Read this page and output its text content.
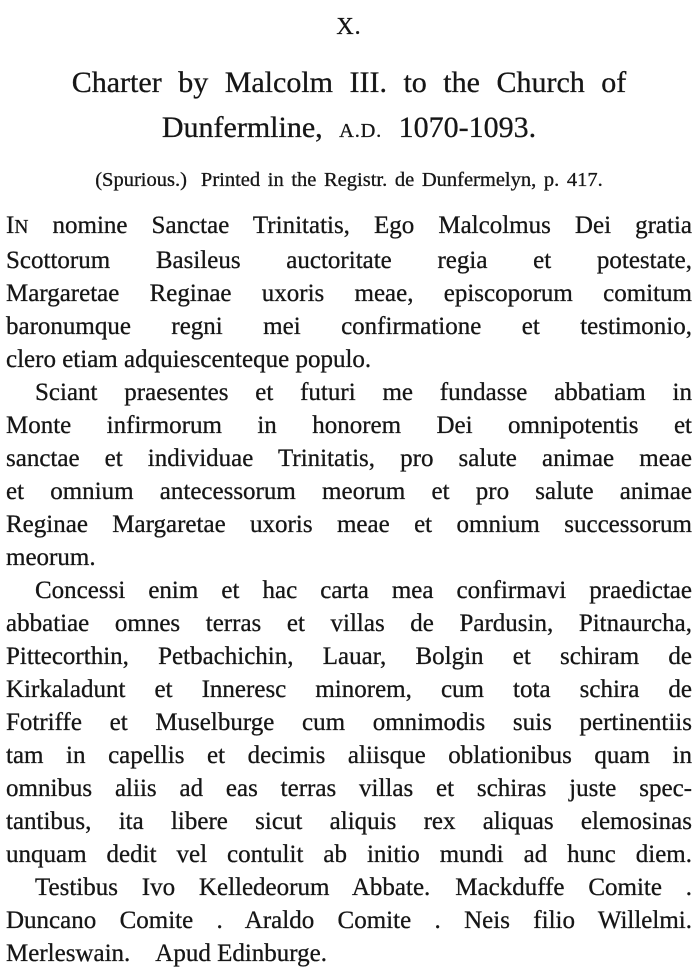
X.
Charter by Malcolm III. to the Church of
Dunfermline, A.D. 1070-1093.
(Spurious.) Printed in the Registr. de Dunfermelyn, p. 417.
IN nomine Sanctae Trinitatis, Ego Malcolmus Dei gratia
Scottorum Basileus auctoritate regia et potestate,
Margaretae Reginae uxoris meae, episcoporum comitum
baronumque regni mei confirmatione et testimonio,
clero etiam adquiescenteque populo.
Sciant praesentes et futuri me fundasse abbatiam in
Monte infirmorum in honorem Dei omnipotentis et
sanctae et individuae Trinitatis, pro salute animae meae
et omnium antecessorum meorum et pro salute animae
Reginae Margaretae uxoris meae et omnium successorum
meorum.
Concessi enim et hac carta mea confirmavi praedictae
abbatiae omnes terras et villas de Pardusin, Pitnaurcha,
Pittecorthin, Petbachichin, Lauar, Bolgin et schiram de
Kirkaladunt et Inneresc minorem, cum tota schira de
Fotriffe et Muselburge cum omnimodis suis pertinentiis
tam in capellis et decimis aliisque oblationibus quam in
omnibus aliis ad eas terras villas et schiras juste spec-
tantibus, ita libere sicut aliquis rex aliquas elemosinas
unquam dedit vel contulit ab initio mundi ad hunc diem.
Testibus Ivo Kelledeorum Abbate. Mackduffe Comite .
Duncano Comite . Araldo Comite . Neis filio Willelmi.
Merleswain. Apud Edinburge.
